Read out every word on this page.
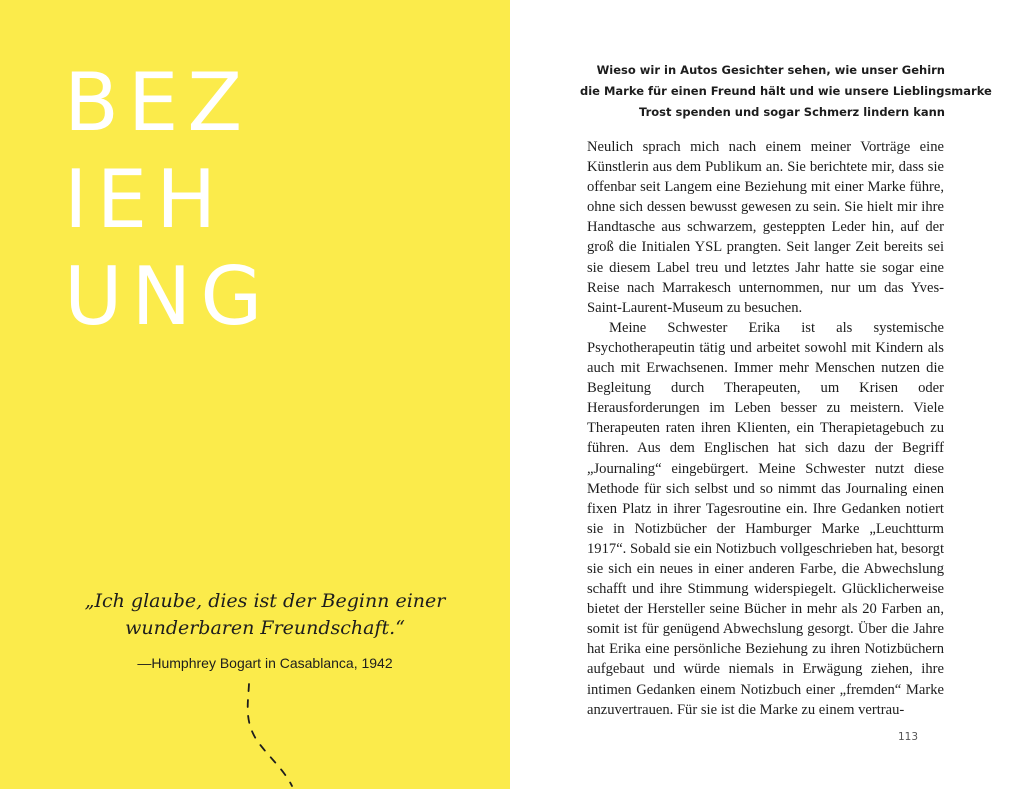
BEZ
IEH
UNG
„Ich glaube, dies ist der Beginn einer
wunderbaren Freundschaft.“
—Humphrey Bogart in Casablanca, 1942
Wieso wir in Autos Gesichter sehen, wie unser Gehirn
die Marke für einen Freund hält und wie unsere Lieblingsmarke
Trost spenden und sogar Schmerz lindern kann

Neulich sprach mich nach einem meiner Vorträge eine Künstlerin aus dem Publikum an. Sie berichtete mir, dass sie offenbar seit Langem eine Beziehung mit einer Marke führe, ohne sich dessen bewusst gewesen zu sein. Sie hielt mir ihre Handtasche aus schwarzem, gesteppten Leder hin, auf der groß die Initialen YSL prangten. Seit langer Zeit bereits sei sie diesem Label treu und letztes Jahr hatte sie sogar eine Reise nach Marrakesch unternommen, nur um das Yves-Saint-Laurent-Museum zu besuchen.

Meine Schwester Erika ist als systemische Psychotherapeutin tätig und arbeitet sowohl mit Kindern als auch mit Erwachsenen. Immer mehr Menschen nutzen die Begleitung durch Therapeuten, um Krisen oder Herausforderungen im Leben besser zu meistern. Viele Therapeuten raten ihren Klienten, ein Therapietagebuch zu führen. Aus dem Englischen hat sich dazu der Begriff „Journaling“ eingebürgert. Meine Schwester nutzt diese Methode für sich selbst und so nimmt das Journaling einen fixen Platz in ihrer Tagesroutine ein. Ihre Gedanken notiert sie in Notizbücher der Hamburger Marke „Leuchtturm 1917“. Sobald sie ein Notizbuch vollgeschrieben hat, besorgt sie sich ein neues in einer anderen Farbe, die Abwechslung schafft und ihre Stimmung widerspiegelt. Glücklicherweise bietet der Hersteller seine Bücher in mehr als 20 Farben an, somit ist für genügend Abwechslung gesorgt. Über die Jahre hat Erika eine persönliche Beziehung zu ihren Notizbüchern aufgebaut und würde niemals in Erwägung ziehen, ihre intimen Gedanken einem Notizbuch einer „fremden“ Marke anzuvertrauen. Für sie ist die Marke zu einem vertrau-

113
